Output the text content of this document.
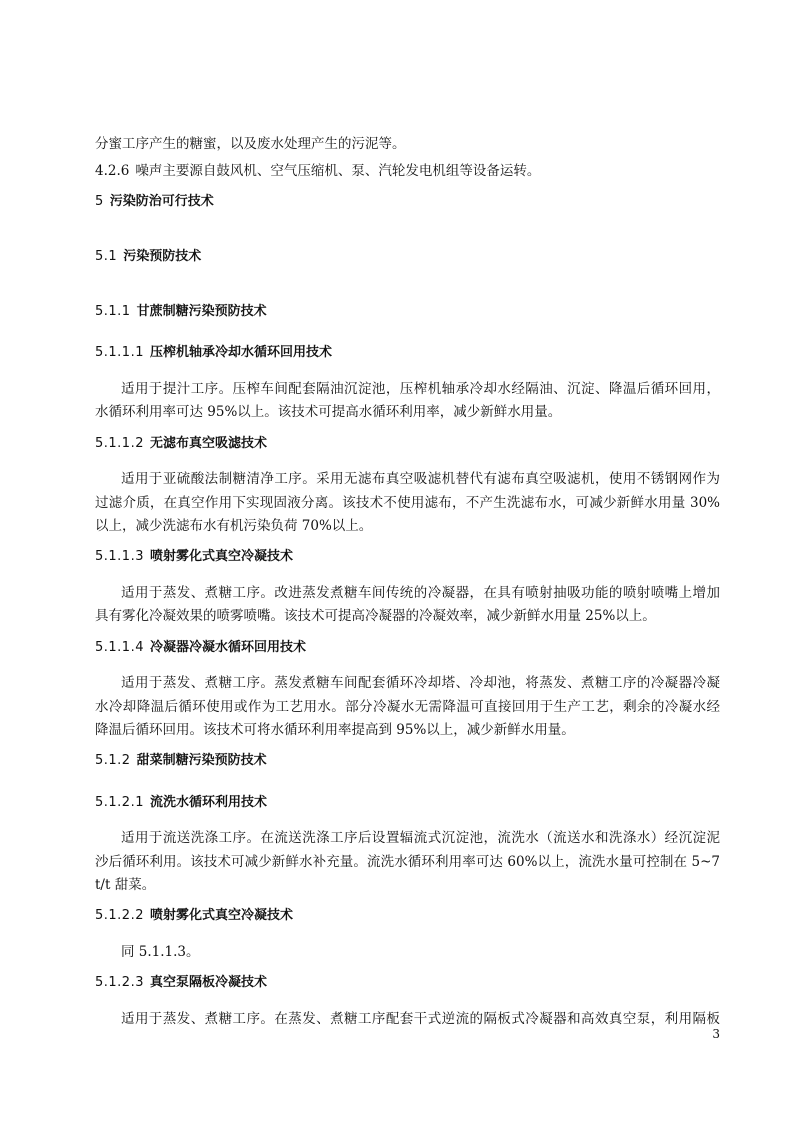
分蜜工序产生的糖蜜，以及废水处理产生的污泥等。
4.2.6 噪声主要源自鼓风机、空气压缩机、泵、汽轮发电机组等设备运转。
5 污染防治可行技术
5.1 污染预防技术
5.1.1 甘蔗制糖污染预防技术
5.1.1.1 压榨机轴承冷却水循环回用技术
适用于提汁工序。压榨车间配套隔油沉淀池，压榨机轴承冷却水经隔油、沉淀、降温后循环回用，
水循环利用率可达 95%以上。该技术可提高水循环利用率，减少新鲜水用量。
5.1.1.2 无滤布真空吸滤技术
适用于亚硫酸法制糖清净工序。采用无滤布真空吸滤机替代有滤布真空吸滤机，使用不锈钢网作为
过滤介质，在真空作用下实现固液分离。该技术不使用滤布，不产生洗滤布水，可减少新鲜水用量 30%
以上，减少洗滤布水有机污染负荷 70%以上。
5.1.1.3 喷射雾化式真空冷凝技术
适用于蒸发、煮糖工序。改进蒸发煮糖车间传统的冷凝器，在具有喷射抽吸功能的喷射喷嘴上增加
具有雾化冷凝效果的喷雾喷嘴。该技术可提高冷凝器的冷凝效率，减少新鲜水用量 25%以上。
5.1.1.4 冷凝器冷凝水循环回用技术
适用于蒸发、煮糖工序。蒸发煮糖车间配套循环冷却塔、冷却池，将蒸发、煮糖工序的冷凝器冷凝
水冷却降温后循环使用或作为工艺用水。部分冷凝水无需降温可直接回用于生产工艺，剩余的冷凝水经
降温后循环回用。该技术可将水循环利用率提高到 95%以上，减少新鲜水用量。
5.1.2 甜菜制糖污染预防技术
5.1.2.1 流洗水循环利用技术
适用于流送洗涤工序。在流送洗涤工序后设置辐流式沉淀池，流洗水（流送水和洗涤水）经沉淀泥
沙后循环利用。该技术可减少新鲜水补充量。流洗水循环利用率可达 60%以上，流洗水量可控制在 5~7
t/t 甜菜。
5.1.2.2 喷射雾化式真空冷凝技术
同 5.1.1.3。
5.1.2.3 真空泵隔板冷凝技术
适用于蒸发、煮糖工序。在蒸发、煮糖工序配套干式逆流的隔板式冷凝器和高效真空泵，利用隔板
3
